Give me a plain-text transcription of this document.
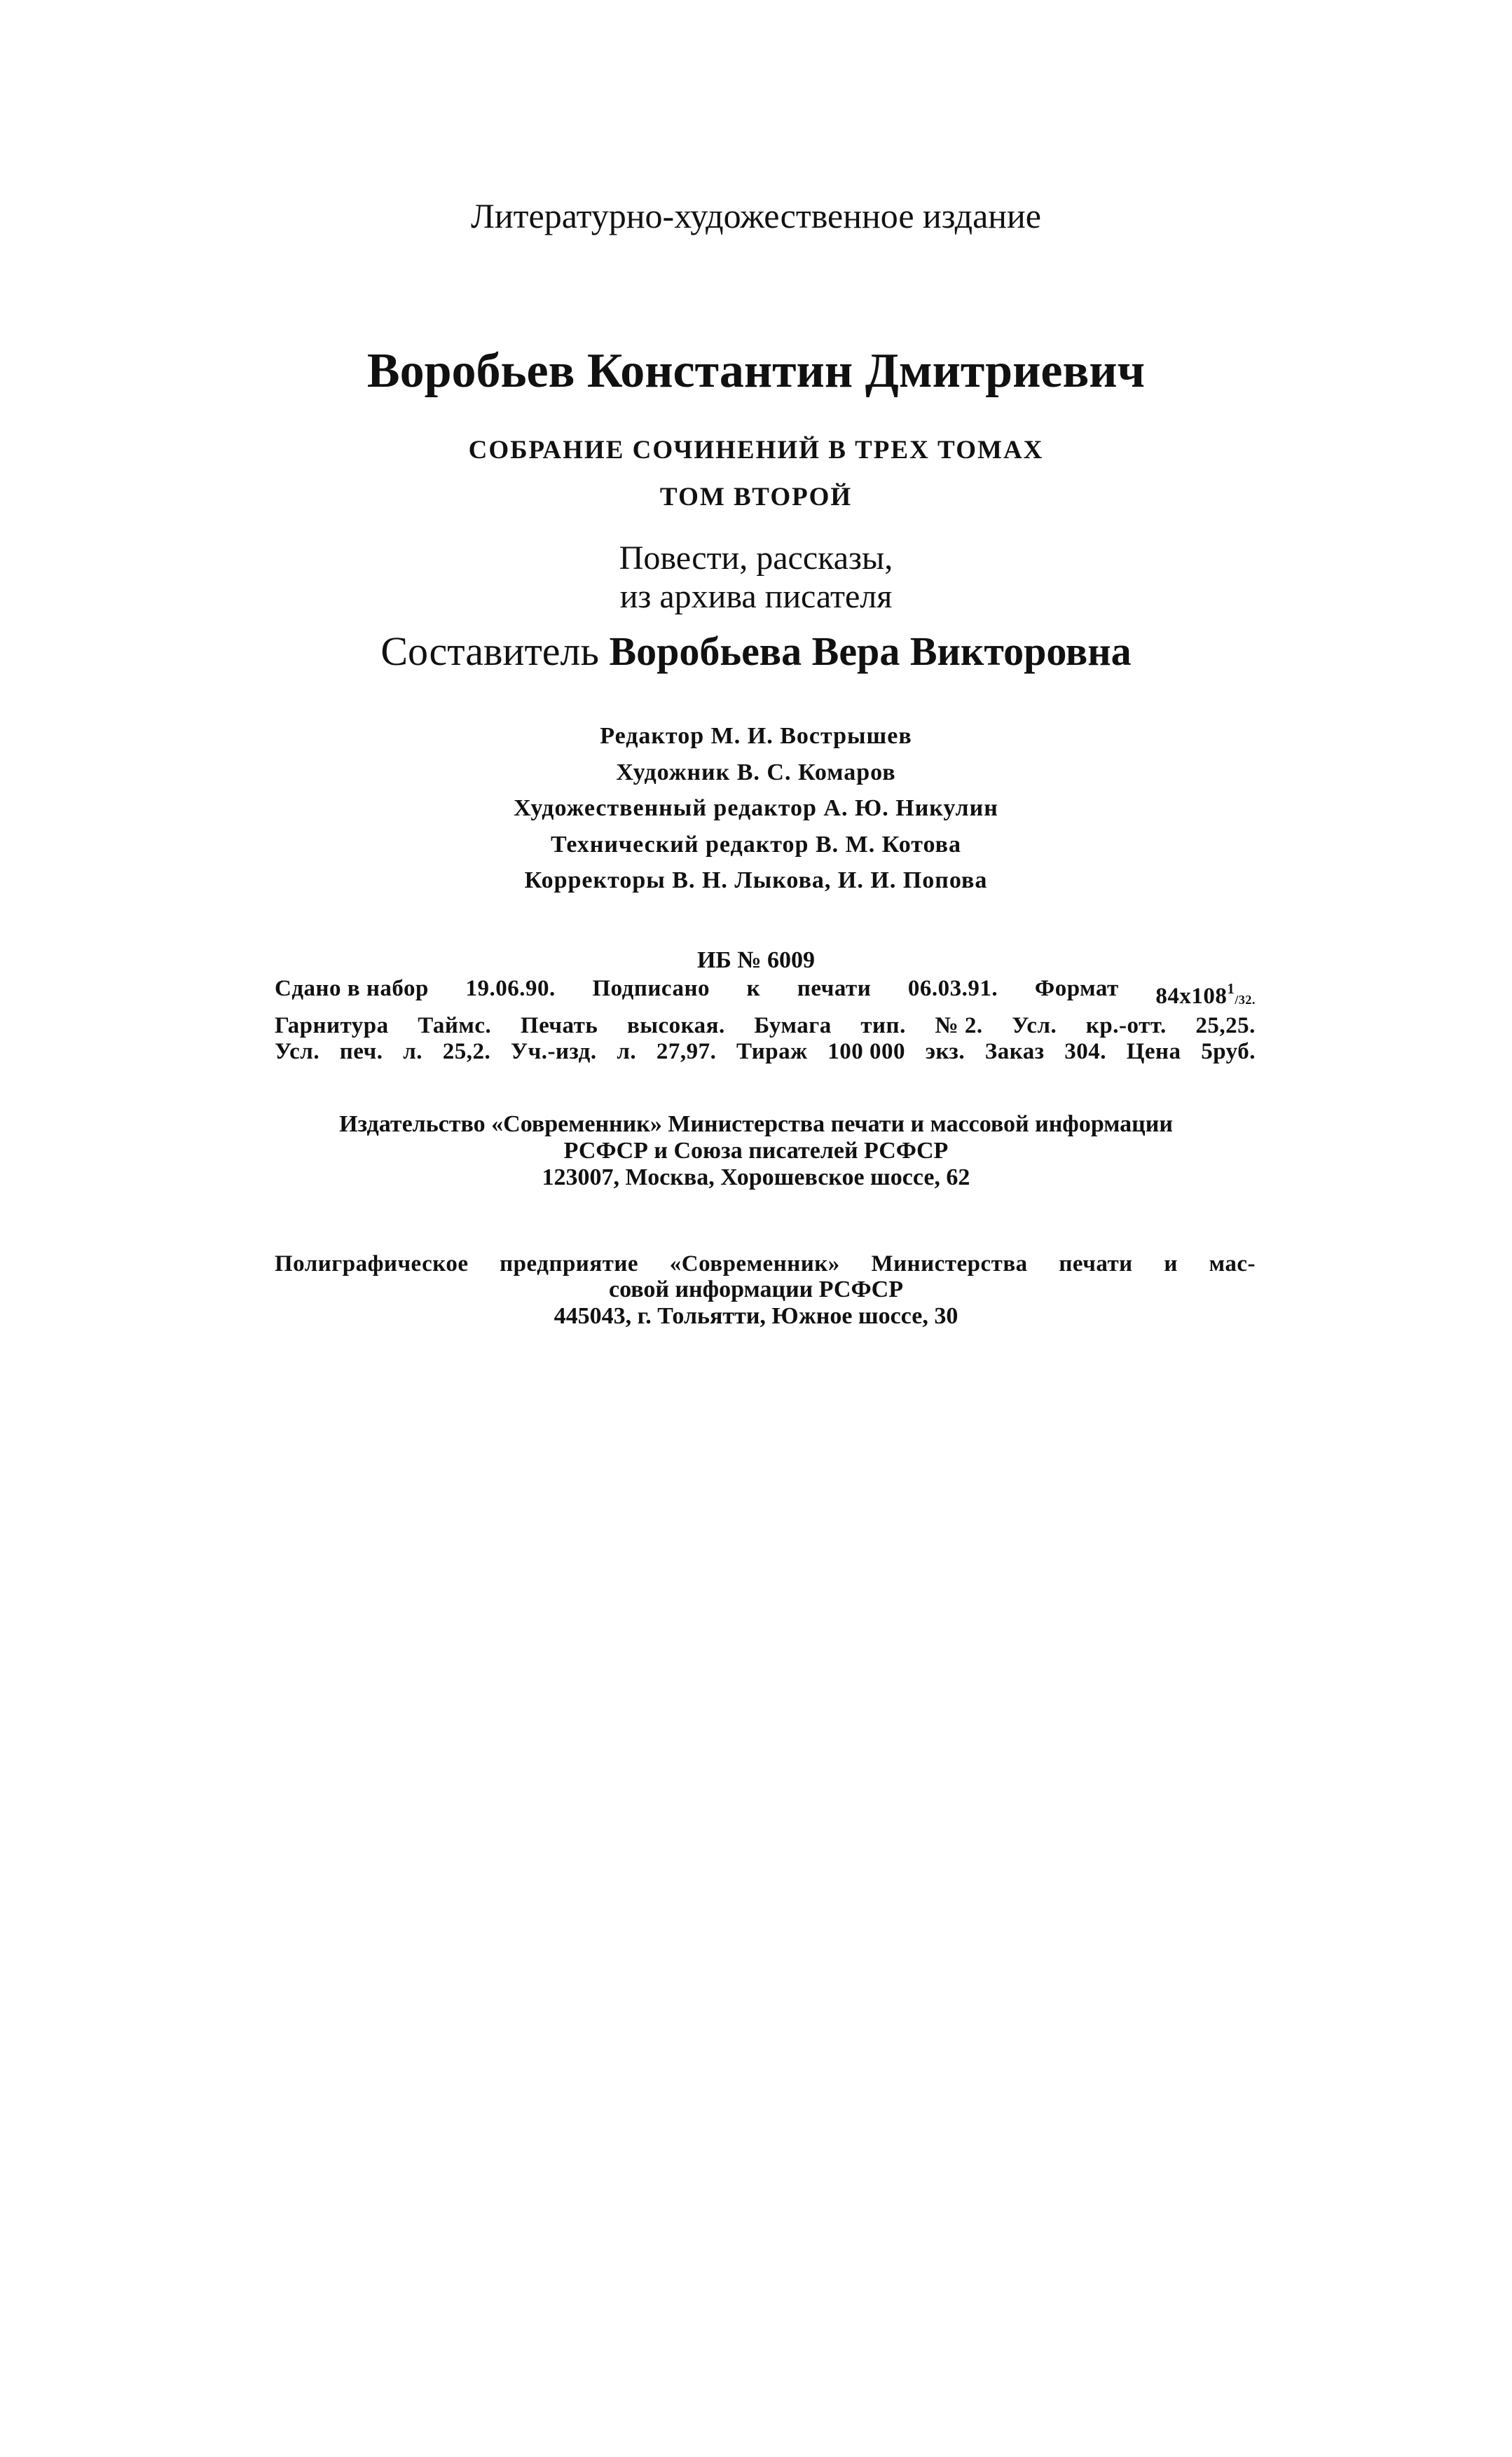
Литературно-художественное издание
Воробьев Константин Дмитриевич
СОБРАНИЕ СОЧИНЕНИЙ В ТРЕХ ТОМАХ
ТОМ ВТОРОЙ
Повести, рассказы,
из архива писателя
Составитель Воробьева Вера Викторовна
Редактор М. И. Вострышев
Художник В. С. Комаров
Художественный редактор А. Ю. Никулин
Технический редактор В. М. Котова
Корректоры В. Н. Лыкова, И. И. Попова
ИБ № 6009
Сдано в набор 19.06.90. Подписано к печати 06.03.91. Формат $84х108^1/32$.
Гарнитура Таймс. Печать высокая. Бумага тип. № 2. Усл. кр.-отт. 25,25.
Усл. печ. л. 25,2. Уч.-изд. л. 27,97. Тираж 100 000 экз. Заказ 304. Цена 5руб.
Издательство «Современник» Министерства печати и массовой информации
РСФСР и Союза писателей РСФСР
123007, Москва, Хорошевское шоссе, 62
Полиграфическое предприятие «Современник» Министерства печати и мас-
совой информации РСФСР
445043, г. Тольятти, Южное шоссе, 30
